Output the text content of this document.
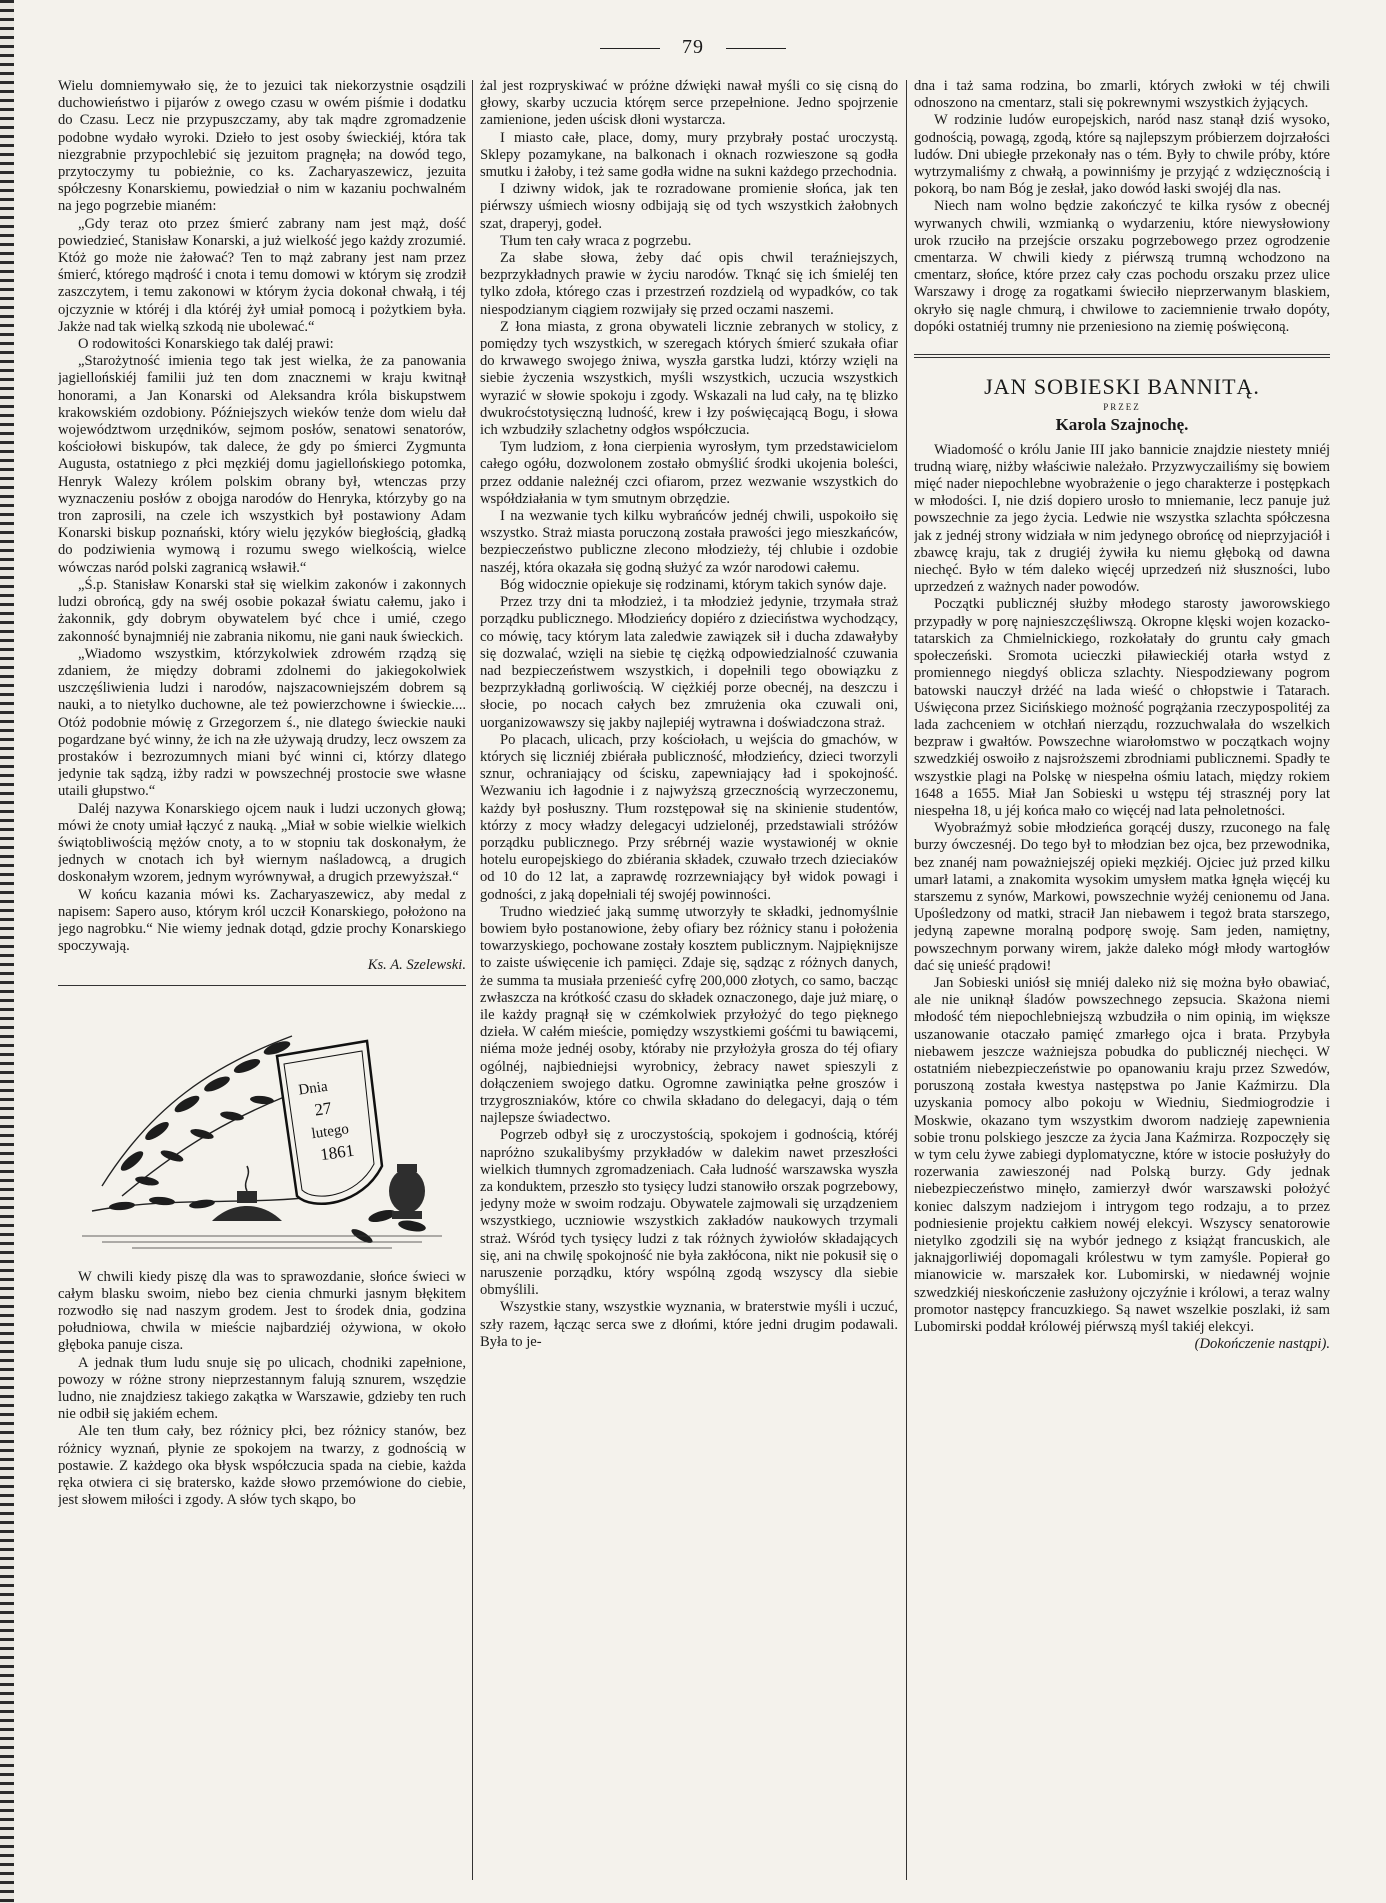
79

Wielu domniemywało się, że to jezuici tak niekorzystnie osądzili duchowieństwo i pijarów z owego czasu w owém piśmie i dodatku do Czasu. Lecz nie przypuszczamy, aby tak mądre zgromadzenie podobne wydało wyroki. Dzieło to jest osoby świeckiéj, która tak niezgrabnie przypochlebić się jezuitom pragnęła; na dowód tego, przytoczymy tu pobieżnie, co ks. Zacharyaszewicz, jezuita spółczesny Konarskiemu, powiedział o nim w kazaniu pochwalném na jego pogrzebie mianém:

„Gdy teraz oto przez śmierć zabrany nam jest mąż, dość powiedzieć, Stanisław Konarski, a już wielkość jego każdy zrozumié. Któż go może nie żałować? Ten to mąż zabrany jest nam przez śmierć, którego mądrość i cnota i temu domowi w którym się zrodził zaszczytem, i temu zakonowi w którym życia dokonał chwałą, i téj ojczyznie w któréj i dla któréj żył umiał pomocą i pożytkiem była. Jakże nad tak wielką szkodą nie ubolewać.“

O rodowitości Konarskiego tak daléj prawi:

„Starożytność imienia tego tak jest wielka, że za panowania jagiellońskiéj familii już ten dom znacznemi w kraju kwitnął honorami, a Jan Konarski od Aleksandra króla biskupstwem krakowskiém ozdobiony. Późniejszych wieków tenże dom wielu dał województwom urzędników, sejmom posłów, senatowi senatorów, kościołowi biskupów, tak dalece, że gdy po śmierci Zygmunta Augusta, ostatniego z płci męzkiéj domu jagiellońskiego potomka, Henryk Walezy królem polskim obrany był, wtenczas przy wyznaczeniu posłów z obojga narodów do Henryka, którzyby go na tron zaprosili, na czele ich wszystkich był postawiony Adam Konarski biskup poznański, który wielu języków biegłością, gładką do podziwienia wymową i rozumu swego wielkością, wielce wówczas naród polski zagranicą wsławił.“

„Ś.p. Stanisław Konarski stał się wielkim zakonów i zakonnych ludzi obrońcą, gdy na swéj osobie pokazał światu całemu, jako i żakonnik, gdy dobrym obywatelem być chce i umié, czego zakonność bynajmniéj nie zabrania nikomu, nie gani nauk świeckich.

„Wiadomo wszystkim, którzykolwiek zdrowém rządzą się zdaniem, że między dobrami zdolnemi do jakiegokolwiek uszczęśliwienia ludzi i narodów, najszacowniejszém dobrem są nauki, a to nietylko duchowne, ale też powierzchowne i świeckie.... Otóż podobnie mówię z Grzegorzem ś., nie dlatego świeckie nauki pogardzane być winny, że ich na złe używają drudzy, lecz owszem za prostaków i bezrozumnych miani być winni ci, którzy dlatego jedynie tak sądzą, iżby radzi w powszechnéj prostocie swe własne utaili głupstwo.“

Daléj nazywa Konarskiego ojcem nauk i ludzi uczonych głową; mówi że cnoty umiał łączyć z nauką. „Miał w sobie wielkie wielkich świątobliwością mężów cnoty, a to w stopniu tak doskonałym, że jednych w cnotach ich był wiernym naśladowcą, a drugich doskonałym wzorem, jednym wyrównywał, a drugich przewyższał.“

W końcu kazania mówi ks. Zacharyaszewicz, aby medal z napisem: Sapero auso, którym król uczcił Konarskiego, położono na jego nagrobku.“ Nie wiemy jednak dotąd, gdzie prochy Konarskiego spoczywają.

Ks. A. Szelewski.
Dnia
27
lutego
1861

W chwili kiedy piszę dla was to sprawozdanie, słońce świeci w całym blasku swoim, niebo bez cienia chmurki jasnym błękitem rozwodło się nad naszym grodem. Jest to środek dnia, godzina południowa, chwila w mieście najbardziéj ożywiona, w około głęboka panuje cisza.

A jednak tłum ludu snuje się po ulicach, chodniki zapełnione, powozy w różne strony nieprzestannym falują sznurem, wszędzie ludno, nie znajdziesz takiego zakątka w Warszawie, gdzieby ten ruch nie odbił się jakiém echem.

Ale ten tłum cały, bez różnicy płci, bez różnicy stanów, bez różnicy wyznań, płynie ze spokojem na twarzy, z godnością w postawie. Z każdego oka błysk współczucia spada na ciebie, każda ręka otwiera ci się bratersko, każde słowo przemówione do ciebie, jest słowem miłości i zgody. A słów tych skąpo, bo

żal jest rozpryskiwać w próżne dźwięki nawał myśli co się cisną do głowy, skarby uczucia któręm serce przepełnione. Jedno spojrzenie zamienione, jeden uścisk dłoni wystarcza.

I miasto całe, place, domy, mury przybrały postać uroczystą. Sklepy pozamykane, na balkonach i oknach rozwieszone są godła smutku i żałoby, i też same godła widne na sukni każdego przechodnia.

I dziwny widok, jak te rozradowane promienie słońca, jak ten piérwszy uśmiech wiosny odbijają się od tych wszystkich żałobnych szat, draperyj, godeł.

Tłum ten cały wraca z pogrzebu.

Za słabe słowa, żeby dać opis chwil teraźniejszych, bezprzykładnych prawie w życiu narodów. Tknąć się ich śmieléj ten tylko zdoła, którego czas i przestrzeń rozdzielą od wypadków, co tak niespodzianym ciągiem rozwijały się przed oczami naszemi.

Z łona miasta, z grona obywateli licznie zebranych w stolicy, z pomiędzy tych wszystkich, w szeregach których śmierć szukała ofiar do krwawego swojego żniwa, wyszła garstka ludzi, którzy wzięli na siebie życzenia wszystkich, myśli wszystkich, uczucia wszystkich wyrazić w słowie spokoju i zgody. Wskazali na lud cały, na tę blizko dwukroćstotysięczną ludność, krew i łzy poświęcającą Bogu, i słowa ich wzbudziły szlachetny odgłos współczucia.

Tym ludziom, z łona cierpienia wyrosłym, tym przedstawicielom całego ogółu, dozwolonem zostało obmyślić środki ukojenia boleści, przez oddanie należnéj czci ofiarom, przez wezwanie wszystkich do współdziałania w tym smutnym obrzędzie.

I na wezwanie tych kilku wybrańców jednéj chwili, uspokoiło się wszystko. Straż miasta poruczoną została prawości jego mieszkańców, bezpieczeństwo publiczne zlecono młodzieży, téj chlubie i ozdobie naszéj, która okazała się godną służyć za wzór narodowi całemu.

Bóg widocznie opiekuje się rodzinami, którym takich synów daje.

Przez trzy dni ta młodzież, i ta młodzież jedynie, trzymała straż porządku publicznego. Młodzieńcy dopiéro z dzieciństwa wychodzący, co mówię, tacy którym lata zaledwie zawiązek sił i ducha zdawałyby się dozwalać, wzięli na siebie tę ciężką odpowiedzialność czuwania nad bezpieczeństwem wszystkich, i dopełnili tego obowiązku z bezprzykładną gorliwością. W ciężkiéj porze obecnéj, na deszczu i słocie, po nocach całych bez zmrużenia oka czuwali oni, uorganizowawszy się jakby najlepiéj wytrawna i doświadczona straż.

Po placach, ulicach, przy kościołach, u wejścia do gmachów, w których się liczniéj zbiérała publiczność, młodzieńcy, dzieci tworzyli sznur, ochraniający od ścisku, zapewniający ład i spokojność. Wezwaniu ich łagodnie i z najwyższą grzecznością wyrzeczonemu, każdy był posłuszny. Tłum rozstępował się na skinienie studentów, którzy z mocy władzy delegacyi udzielonéj, przedstawiali stróżów porządku publicznego. Przy srébrnéj wazie wystawionéj w oknie hotelu europejskiego do zbiérania składek, czuwało trzech dzieciaków od 10 do 12 lat, a zaprawdę rozrzewniający był widok powagi i godności, z jaką dopełniali téj swojéj powinności.

Trudno wiedzieć jaką summę utworzyły te składki, jednomyślnie bowiem było postanowione, żeby ofiary bez różnicy stanu i położenia towarzyskiego, pochowane zostały kosztem publicznym. Najpięknijsze to zaiste uświęcenie ich pamięci. Zdaje się, sądząc z różnych danych, że summa ta musiała przenieść cyfrę 200,000 złotych, co samo, bacząc zwłaszcza na krótkość czasu do składek oznaczonego, daje już miarę, o ile każdy pragnął się w czémkolwiek przyłożyć do tego pięknego dzieła. W całém mieście, pomiędzy wszystkiemi gośćmi tu bawiącemi, niéma może jednéj osoby, któraby nie przyłożyła grosza do téj ofiary ogólnéj, najbiedniejsi wyrobnicy, żebracy nawet spieszyli z dołączeniem swojego datku. Ogromne zawiniątka pełne groszów i trzygroszniaków, które co chwila składano do delegacyi, dają o tém najlepsze świadectwo.

Pogrzeb odbył się z uroczystością, spokojem i godnością, któréj napróżno szukalibyśmy przykładów w dalekim nawet przeszłości wielkich tłumnych zgromadzeniach. Cała ludność warszawska wyszła za konduktem, przeszło sto tysięcy ludzi stanowiło orszak pogrzebowy, jedyny może w swoim rodzaju. Obywatele zajmowali się urządzeniem wszystkiego, uczniowie wszystkich zakładów naukowych trzymali straż. Wśród tych tysięcy ludzi z tak różnych żywiołów składających się, ani na chwilę spokojność nie była zakłócona, nikt nie pokusił się o naruszenie porządku, który wspólną zgodą wszyscy dla siebie obmyślili.

Wszystkie stany, wszystkie wyznania, w braterstwie myśli i uczuć, szły razem, łącząc serca swe z dłońmi, które jedni drugim podawali. Była to je-

dna i taż sama rodzina, bo zmarli, których zwłoki w téj chwili odnoszono na cmentarz, stali się pokrewnymi wszystkich żyjących.

W rodzinie ludów europejskich, naród nasz stanął dziś wysoko, godnością, powagą, zgodą, które są najlepszym próbierzem dojrzałości ludów. Dni ubiegłe przekonały nas o tém. Były to chwile próby, które wytrzymaliśmy z chwałą, a powinniśmy je przyjąć z wdzięcznością i pokorą, bo nam Bóg je zesłał, jako dowód łaski swojéj dla nas.

Niech nam wolno będzie zakończyć te kilka rysów z obecnéj wyrwanych chwili, wzmianką o wydarzeniu, które niewysłowiony urok rzuciło na przejście orszaku pogrzebowego przez ogrodzenie cmentarza. W chwili kiedy z piérwszą trumną wchodzono na cmentarz, słońce, które przez cały czas pochodu orszaku przez ulice Warszawy i drogę za rogatkami świeciło nieprzerwanym blaskiem, okryło się nagle chmurą, i chwilowe to zaciemnienie trwało dopóty, dopóki ostatniéj trumny nie przeniesiono na ziemię poświęconą.

JAN SOBIESKI BANNITĄ.
PRZEZ
Karola Szajnochę.

Wiadomość o królu Janie III jako bannicie znajdzie niestety mniéj trudną wiarę, niżby właściwie należało. Przyzwyczailiśmy się bowiem mięć nader niepochlebne wyobrażenie o jego charakterze i postępkach w młodości. I, nie dziś dopiero urosło to mniemanie, lecz panuje już powszechnie za jego życia. Ledwie nie wszystka szlachta spółczesna jak z jednéj strony widziała w nim jedynego obrońcę od nieprzyjaciół i zbawcę kraju, tak z drugiéj żywiła ku niemu głęboką od dawna niechęć. Było w tém daleko więcéj uprzedzeń niż słuszności, lubo uprzedzeń z ważnych nader powodów.

Początki publicznéj służby młodego starosty jaworowskiego przypadły w porę najnieszczęśliwszą. Okropne klęski wojen kozacko-tatarskich za Chmielnickiego, rozkołatały do gruntu cały gmach społeczeński. Sromota ucieczki piławieckiéj otarła wstyd z promiennego niegdyś oblicza szlachty. Niespodziewany pogrom batowski nauczył drżéć na lada wieść o chłopstwie i Tatarach. Uświęcona przez Sicińskiego możność pogrążania rzeczypospolitéj za lada zachceniem w otchłań nierządu, rozzuchwalała do wszelkich bezpraw i gwałtów. Powszechne wiarołomstwo w początkach wojny szwedzkiéj oswoiło z najsroższemi zbrodniami publicznemi. Spadły te wszystkie plagi na Polskę w niespełna ośmiu latach, między rokiem 1648 a 1655. Miał Jan Sobieski u wstępu téj strasznéj pory lat niespełna 18, u jéj końca mało co więcéj nad lata pełnoletności.

Wyobraźmyż sobie młodzieńca gorącéj duszy, rzuconego na falę burzy ówczesnéj. Do tego był to młodzian bez ojca, bez przewodnika, bez znanéj nam poważniejszéj opieki męzkiéj. Ojciec już przed kilku umarł latami, a znakomita wysokim umysłem matka łgnęła więcéj ku starszemu z synów, Markowi, powszechnie wyżéj cenionemu od Jana. Upośledzony od matki, stracił Jan niebawem i tegoż brata starszego, jedyną zapewne moralną podporę swoję. Sam jeden, namiętny, powszechnym porwany wirem, jakże daleko mógł młody wartogłów dać się unieść prądowi!

Jan Sobieski uniósł się mniéj daleko niż się można było obawiać, ale nie uniknął śladów powszechnego zepsucia. Skażona niemi młodość tém niepochlebniejszą wzbudziła o nim opinią, im większe uszanowanie otaczało pamięć zmarłego ojca i brata. Przybyła niebawem jeszcze ważniejsza pobudka do publicznéj niechęci. W ostatniém niebezpieczeństwie po opanowaniu kraju przez Szwedów, poruszoną została kwestya następstwa po Janie Kaźmirzu. Dla uzyskania pomocy albo pokoju w Wiedniu, Siedmiogrodzie i Moskwie, okazano tym wszystkim dworom nadzieję zapewnienia sobie tronu polskiego jeszcze za życia Jana Kaźmirza. Rozpoczęły się w tym celu żywe zabiegi dyplomatyczne, które w istocie posłużyły do rozerwania zawieszonéj nad Polską burzy. Gdy jednak niebezpieczeństwo minęło, zamierzył dwór warszawski położyć koniec dalszym nadziejom i intrygom tego rodzaju, a to przez podniesienie projektu całkiem nowéj elekcyi. Wszyscy senatorowie nietylko zgodzili się na wybór jednego z książąt francuskich, ale jaknajgorliwiéj dopomagali królestwu w tym zamyśle. Popierał go mianowicie w. marszałek kor. Lubomirski, w niedawnéj wojnie szwedzkiéj nieskończenie zasłużony ojczyźnie i królowi, a teraz walny promotor następcy francuzkiego. Są nawet wszelkie poszlaki, iż sam Lubomirski poddał królowéj piérwszą myśl takiéj elekcyi.

(Dokończenie nastąpi).
